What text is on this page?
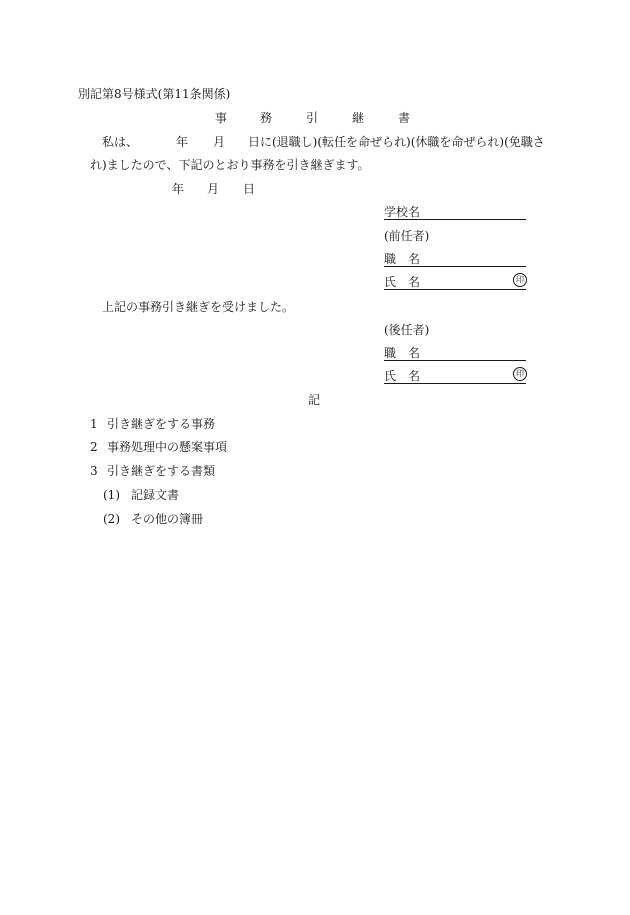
別記第8号様式(第11条関係)
事	務	引	継	書
私は、	年 月 日に(退職し)(転任を命ぜられ)(休職を命ぜられ)(免職さ
れ)ましたので、下記のとおり事務を引き継ぎます。
年 月 日
学校名
(前任者)
職　名
氏　名	印
上記の事務引き継ぎを受けました。
(後任者)
職　名
氏　名	印
記
1 引き継ぎをする事務
2 事務処理中の懸案事項
3 引き継ぎをする書類
(1) 記録文書
(2) その他の簿冊
